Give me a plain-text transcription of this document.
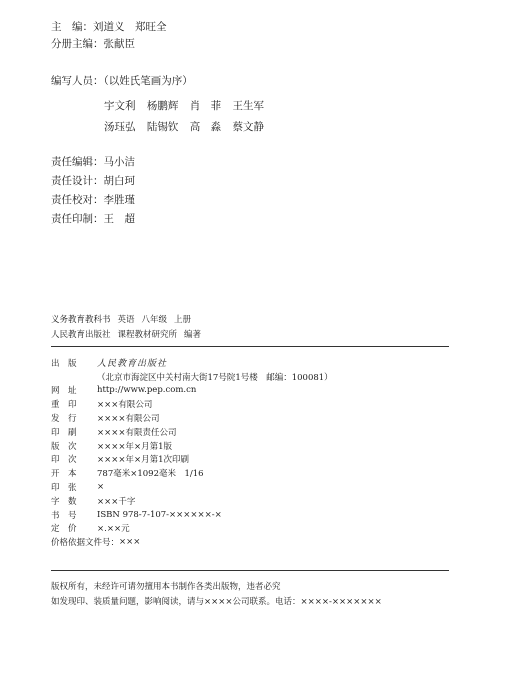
主　编： 刘道义　郑旺全
分册主编： 张献臣
编写人员：（以姓氏笔画为序）
宇文利 杨鹏辉 肖　菲 王生军
汤珏弘 陆锡钦 高　淼 蔡文静
责任编辑： 马小洁
责任设计： 胡白珂
责任校对： 李胜瑾
责任印制： 王　超
义务教育教科书 英语 八年级 上册
人民教育出版社 课程教材研究所 编著
出　版	人民教育出版社
（北京市海淀区中关村南大街17号院1号楼　邮编：100081）
网　址	http://www.pep.com.cn
重　印	×××有限公司
发　行	××××有限公司
印　刷	××××有限责任公司
版　次	××××年×月第1版
印　次	××××年×月第1次印刷
开　本	787毫米×1092毫米　1/16
印　张	×
字　数	×××千字
书　号	ISBN 978-7-107-××××××-×
定　价	×.××元
价格依据文件号： ×××
版权所有，未经许可请勿擅用本书制作各类出版物，违者必究
如发现印、装质量问题，影响阅读，请与××××公司联系。电话：××××-×××××××
